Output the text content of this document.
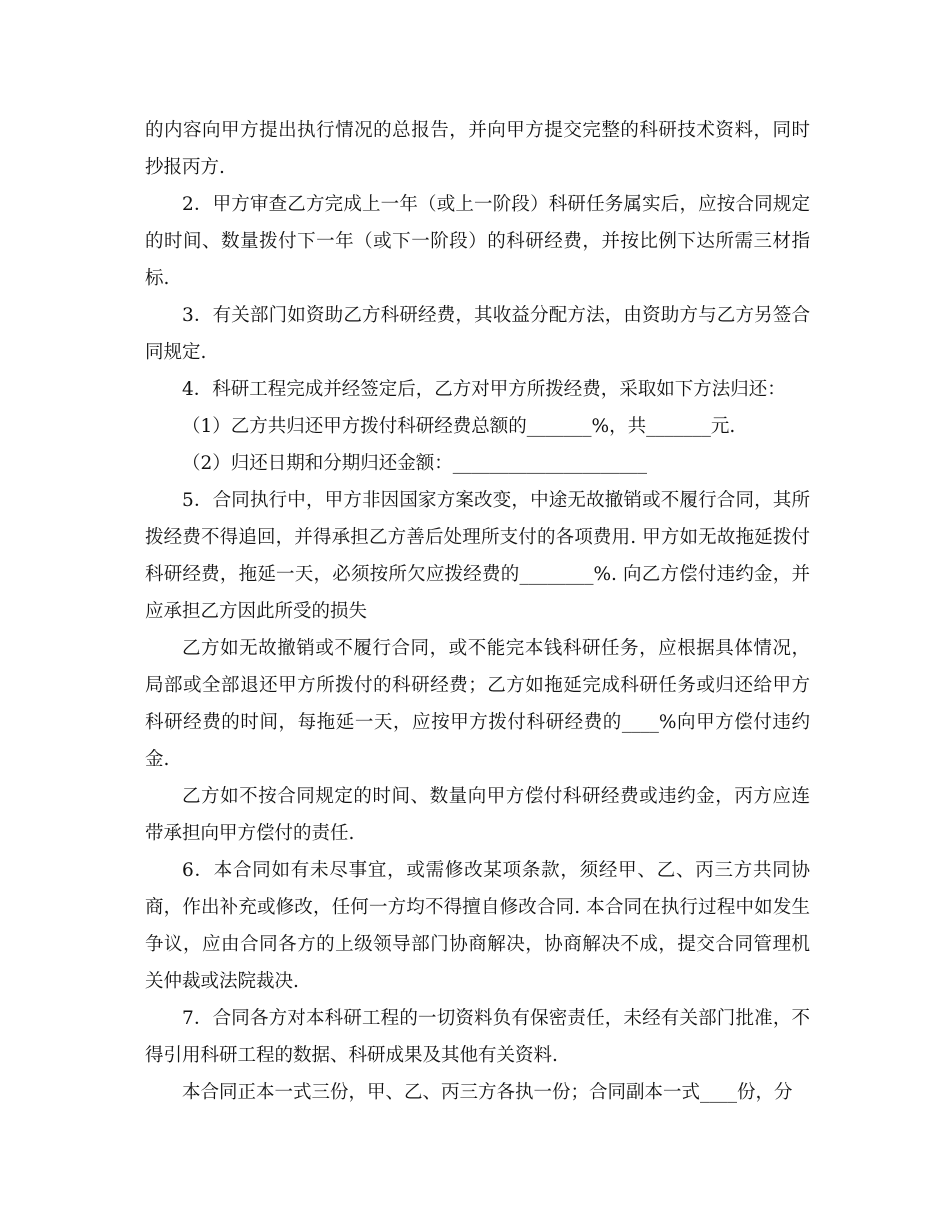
的内容向甲方提出执行情况的总报告，并向甲方提交完整的科研技术资料，同时抄报丙方.

2．甲方审查乙方完成上一年（或上一阶段）科研任务属实后，应按合同规定的时间、数量拨付下一年（或下一阶段）的科研经费，并按比例下达所需三材指标.

3．有关部门如资助乙方科研经费，其收益分配方法，由资助方与乙方另签合同规定.

4．科研工程完成并经签定后，乙方对甲方所拨经费，采取如下方法归还：

（1）乙方共归还甲方拨付科研经费总额的_______%，共_______元.

（2）归还日期和分期归还金额：_____________________

5．合同执行中，甲方非因国家方案改变，中途无故撤销或不履行合同，其所拨经费不得追回，并得承担乙方善后处理所支付的各项费用. 甲方如无故拖延拨付科研经费，拖延一天，必须按所欠应拨经费的________%. 向乙方偿付违约金，并应承担乙方因此所受的损失

乙方如无故撤销或不履行合同，或不能完本钱科研任务，应根据具体情况，局部或全部退还甲方所拨付的科研经费；乙方如拖延完成科研任务或归还给甲方科研经费的时间，每拖延一天，应按甲方拨付科研经费的____%向甲方偿付违约金.

乙方如不按合同规定的时间、数量向甲方偿付科研经费或违约金，丙方应连带承担向甲方偿付的责任.

6．本合同如有未尽事宜，或需修改某项条款，须经甲、乙、丙三方共同协商，作出补充或修改，任何一方均不得擅自修改合同. 本合同在执行过程中如发生争议，应由合同各方的上级领导部门协商解决，协商解决不成，提交合同管理机关仲裁或法院裁决.

7．合同各方对本科研工程的一切资料负有保密责任，未经有关部门批准，不得引用科研工程的数据、科研成果及其他有关资料.

本合同正本一式三份，甲、乙、丙三方各执一份；合同副本一式____份，分
